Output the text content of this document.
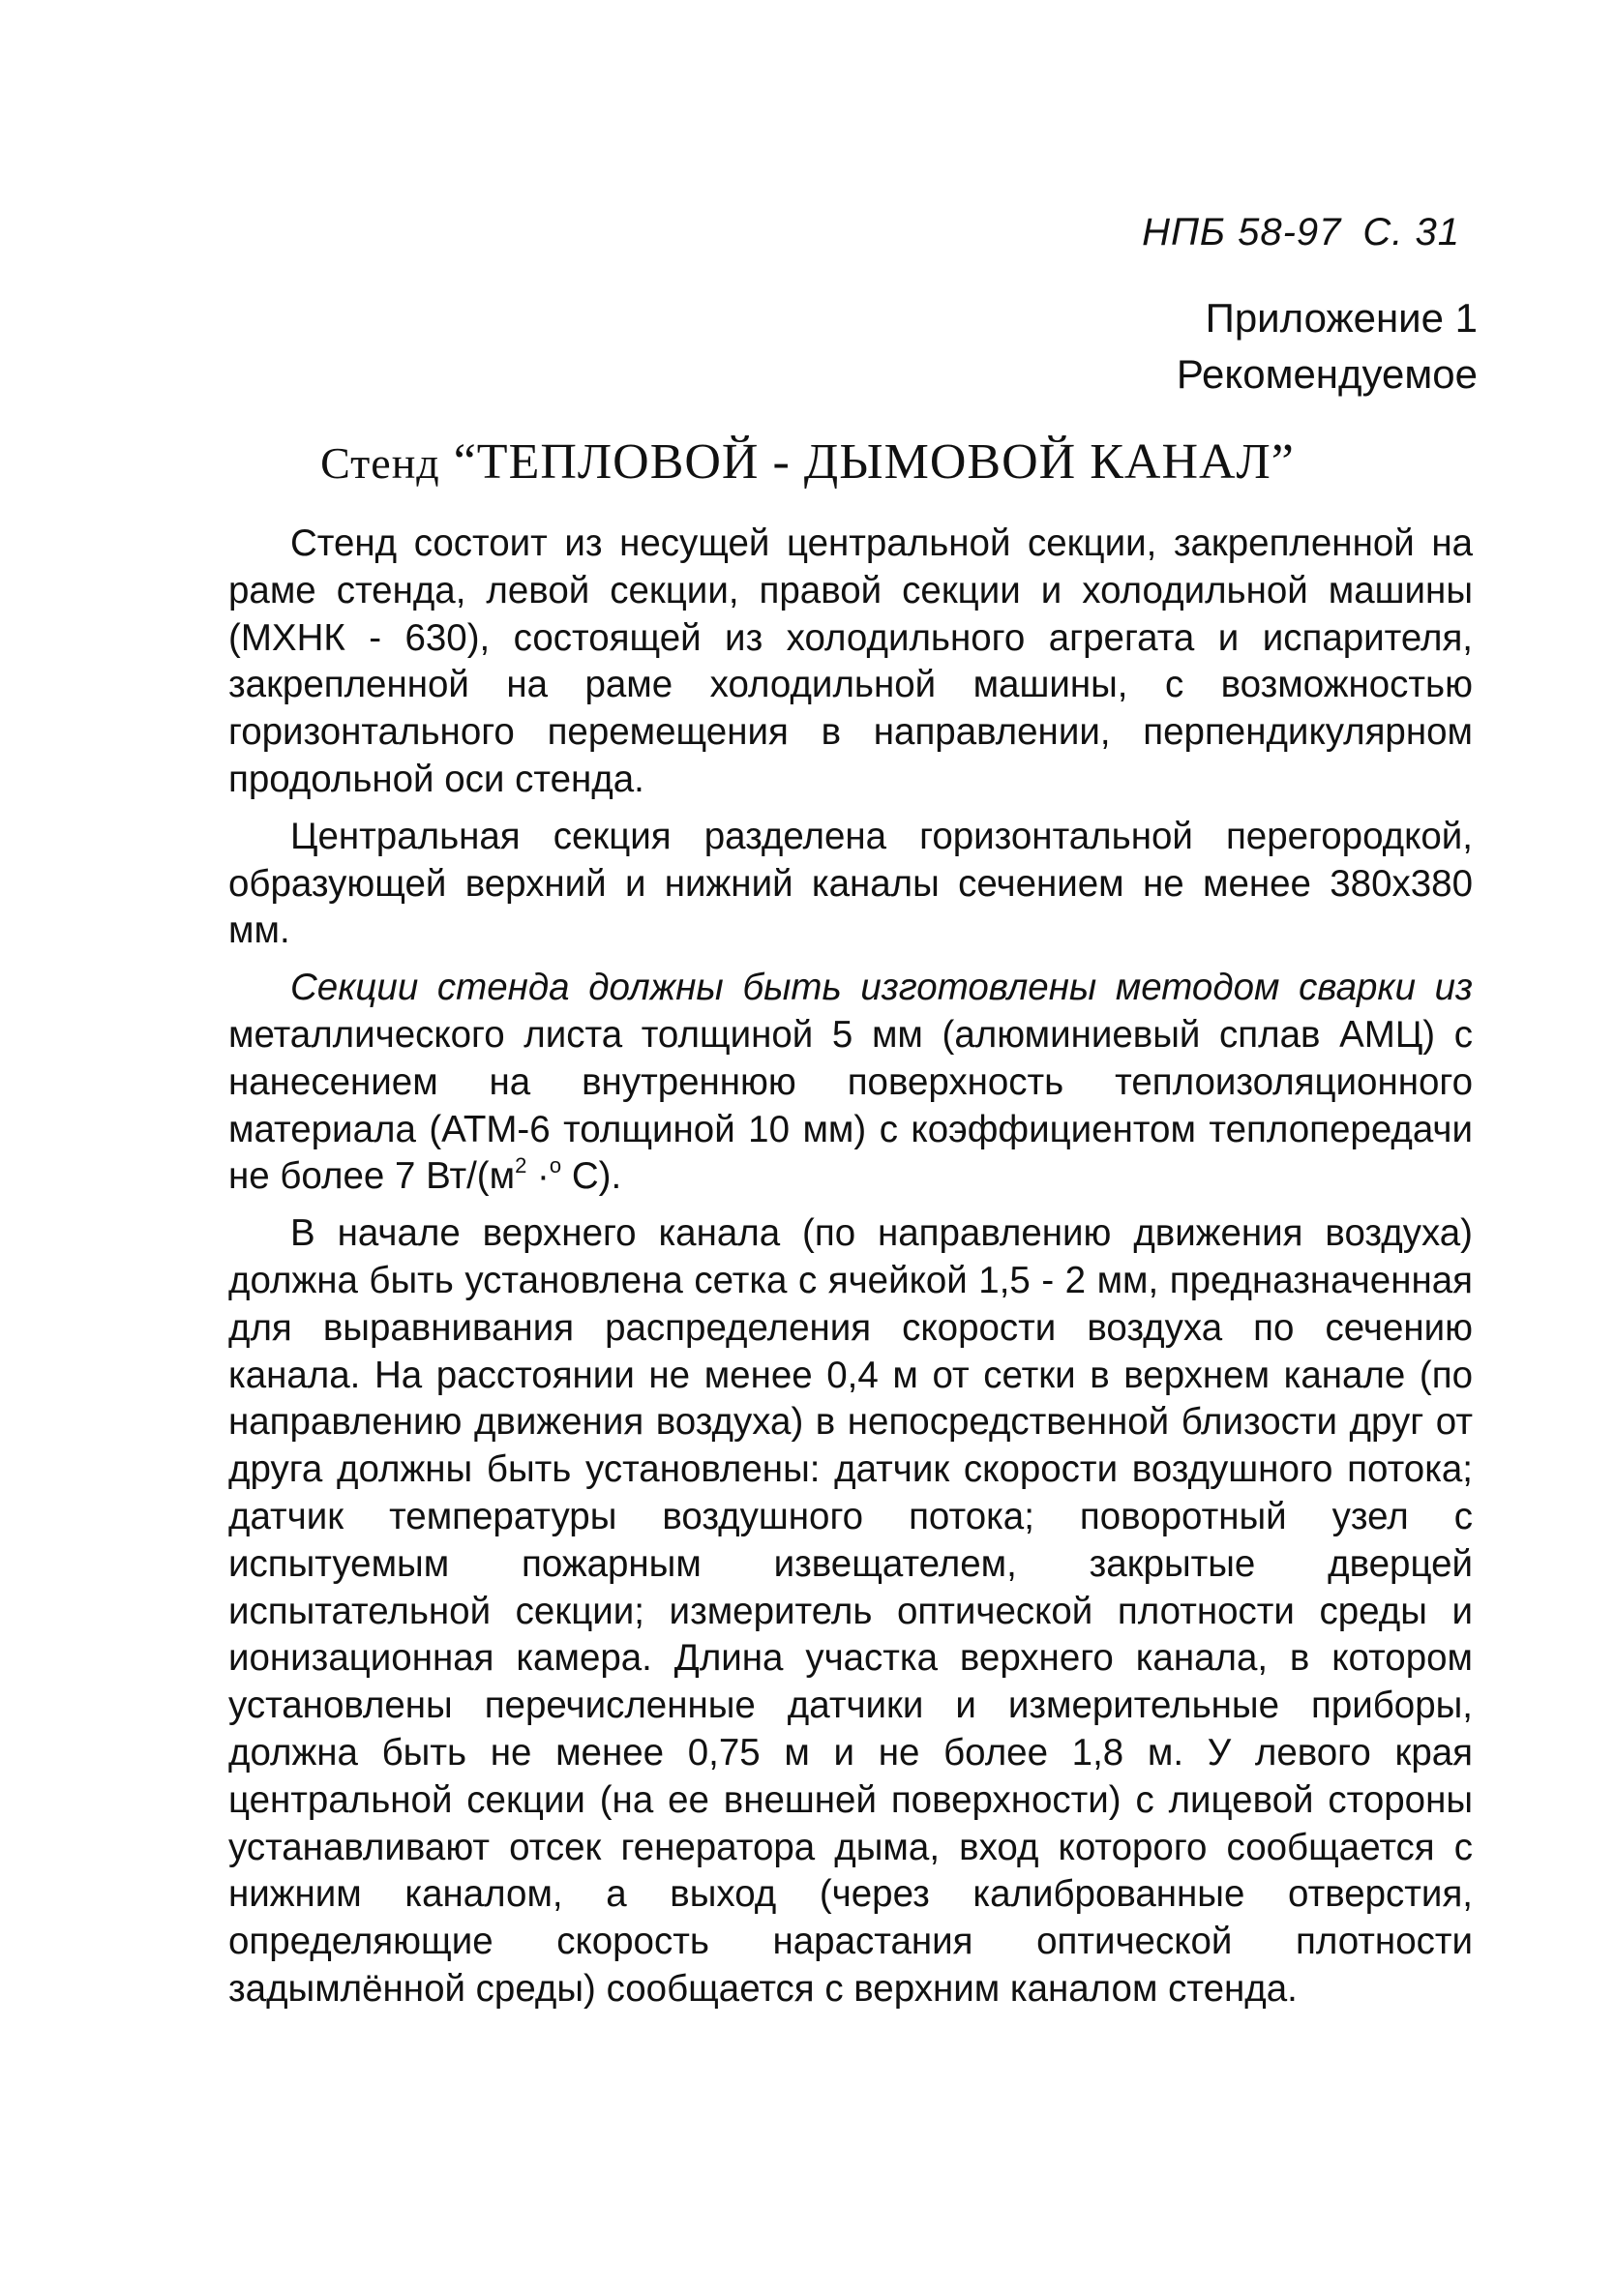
НПБ 58-97 С. 31
Приложение 1
Рекомендуемое
Стенд “ТЕПЛОВОЙ - ДЫМОВОЙ КАНАЛ”

Стенд состоит из несущей центральной секции, закрепленной на раме стенда, левой секции, правой секции и холодильной машины (МХНК - 630), состоящей из холодильного агрегата и испарителя, закрепленной на раме холодильной машины, с возможностью горизонтального перемещения в направлении, перпендикулярном продольной оси стенда.

Центральная секция разделена горизонтальной перегородкой, образующей верхний и нижний каналы сечением не менее 380x380 мм.

Секции стенда должны быть изготовлены методом сварки из металлического листа толщиной 5 мм (алюминиевый сплав АМЦ) с нанесением на внутреннюю поверхность теплоизоляционного материала (АТМ-6 толщиной 10 мм) с коэффициентом теплопередачи не более 7 $Вт/(м^2 \cdot^о$ С).

В начале верхнего канала (по направлению движения воздуха) должна быть установлена сетка с ячейкой 1,5 - 2 мм, предназначенная для выравнивания распределения скорости воздуха по сечению канала. На расстоянии не менее 0,4 м от сетки в верхнем канале (по направлению движения воздуха) в непосредственной близости друг от друга должны быть установлены: датчик скорости воздушного потока; датчик температуры воздушного потока; поворотный узел с испытуемым пожарным извещателем, закрытые дверцей испытательной секции; измеритель оптической плотности среды и ионизационная камера. Длина участка верхнего канала, в котором установлены перечисленные датчики и измерительные приборы, должна быть не менее 0,75 м и не более 1,8 м. У левого края центральной секции (на ее внешней поверхности) с лицевой стороны устанавливают отсек генератора дыма, вход которого сообщается с нижним каналом, а выход (через калиброванные отверстия, определяющие скорость нарастания оптической плотности задымлённой среды) сообщается с верхним каналом стенда.
